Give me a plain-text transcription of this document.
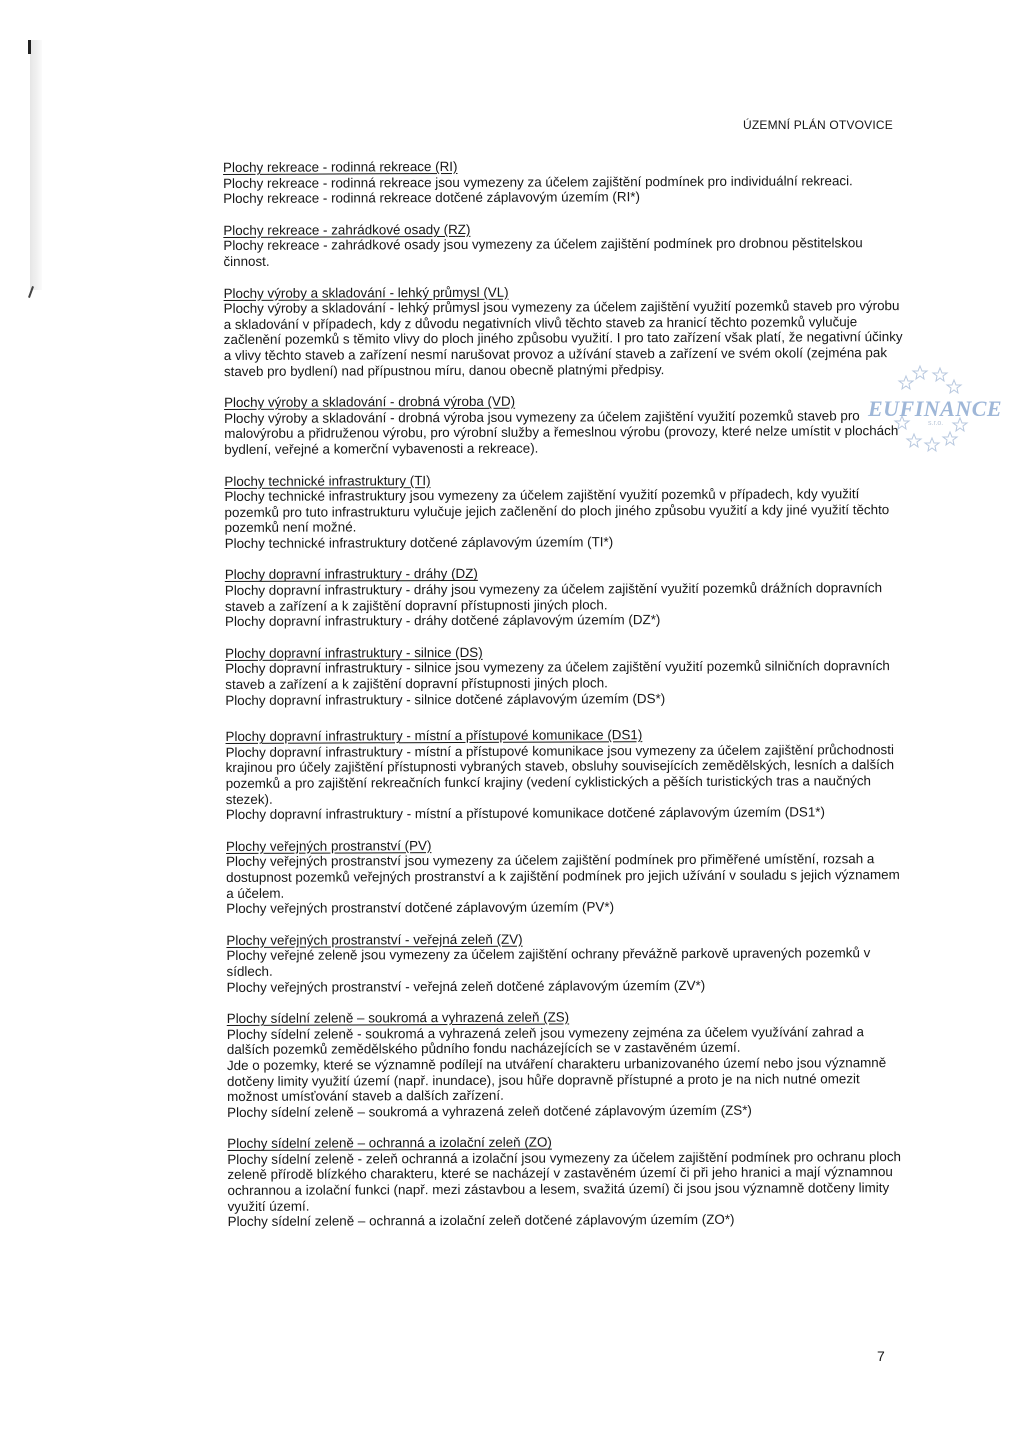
ÚZEMNÍ PLÁN OTVOVICE
EUFINANCE
s.r.o.
Plochy rekreace - rodinná rekreace (RI)
Plochy rekreace - rodinná rekreace jsou vymezeny za účelem zajištění podmínek pro individuální rekreaci.
Plochy rekreace - rodinná rekreace dotčené záplavovým územím (RI*)
Plochy rekreace - zahrádkové osady (RZ)
Plochy rekreace - zahrádkové osady jsou vymezeny za účelem zajištění podmínek pro drobnou pěstitelskou činnost.
Plochy výroby a skladování - lehký průmysl (VL)
Plochy výroby a skladování - lehký průmysl jsou vymezeny za účelem zajištění využití pozemků staveb pro výrobu a skladování v případech, kdy z důvodu negativních vlivů těchto staveb za hranicí těchto pozemků vylučuje začlenění pozemků s těmito vlivy do ploch jiného způsobu využití. I pro tato zařízení však platí, že negativní účinky a vlivy těchto staveb a zařízení nesmí narušovat provoz a užívání staveb a zařízení ve svém okolí (zejména pak staveb pro bydlení) nad přípustnou míru, danou obecně platnými předpisy.
Plochy výroby a skladování - drobná výroba (VD)
Plochy výroby a skladování - drobná výroba jsou vymezeny za účelem zajištění využití pozemků staveb pro malovýrobu a přidruženou výrobu, pro výrobní služby a řemeslnou výrobu (provozy, které nelze umístit v plochách bydlení, veřejné a komerční vybavenosti a rekreace).
Plochy technické infrastruktury (TI)
Plochy technické infrastruktury jsou vymezeny za účelem zajištění využití pozemků v případech, kdy využití pozemků pro tuto infrastrukturu vylučuje jejich začlenění do ploch jiného způsobu využití a kdy jiné využití těchto pozemků není možné.
Plochy technické infrastruktury dotčené záplavovým územím (TI*)
Plochy dopravní infrastruktury - dráhy (DZ)
Plochy dopravní infrastruktury - dráhy jsou vymezeny za účelem zajištění využití pozemků drážních dopravních staveb a zařízení a k zajištění dopravní přístupnosti jiných ploch.
Plochy dopravní infrastruktury - dráhy dotčené záplavovým územím (DZ*)
Plochy dopravní infrastruktury - silnice (DS)
Plochy dopravní infrastruktury - silnice jsou vymezeny za účelem zajištění využití pozemků silničních dopravních staveb a zařízení a k zajištění dopravní přístupnosti jiných ploch.
Plochy dopravní infrastruktury - silnice dotčené záplavovým územím (DS*)
Plochy dopravní infrastruktury - místní a přístupové komunikace (DS1)
Plochy dopravní infrastruktury - místní a přístupové komunikace jsou vymezeny za účelem zajištění průchodnosti krajinou pro účely zajištění přístupnosti vybraných staveb, obsluhy souvisejících zemědělských, lesních a dalších pozemků a pro zajištění rekreačních funkcí krajiny (vedení cyklistických a pěších turistických tras a naučných stezek).
Plochy dopravní infrastruktury - místní a přístupové komunikace dotčené záplavovým územím (DS1*)
Plochy veřejných prostranství (PV)
Plochy veřejných prostranství jsou vymezeny za účelem zajištění podmínek pro přiměřené umístění, rozsah a dostupnost pozemků veřejných prostranství a k zajištění podmínek pro jejich užívání v souladu s jejich významem a účelem.
Plochy veřejných prostranství dotčené záplavovým územím (PV*)
Plochy veřejných prostranství - veřejná zeleň (ZV)
Plochy veřejné zeleně jsou vymezeny za účelem zajištění ochrany převážně parkově upravených pozemků v sídlech.
Plochy veřejných prostranství - veřejná zeleň dotčené záplavovým územím (ZV*)
Plochy sídelní zeleně – soukromá a vyhrazená zeleň (ZS)
Plochy sídelní zeleně - soukromá a vyhrazená zeleň jsou vymezeny zejména za účelem využívání zahrad a dalších pozemků zemědělského půdního fondu nacházejících se v zastavěném území.
Jde o pozemky, které se významně podílejí na utváření charakteru urbanizovaného území nebo jsou významně dotčeny limity využití území (např. inundace), jsou hůře dopravně přístupné a proto je na nich nutné omezit možnost umísťování staveb a dalších zařízení.
Plochy sídelní zeleně – soukromá a vyhrazená zeleň dotčené záplavovým územím (ZS*)
Plochy sídelní zeleně – ochranná a izolační zeleň (ZO)
Plochy sídelní zeleně - zeleň ochranná a izolační jsou vymezeny za účelem zajištění podmínek pro ochranu ploch zeleně přírodě blízkého charakteru, které se nacházejí v zastavěném území či při jeho hranici a mají významnou ochrannou a izolační funkci (např. mezi zástavbou a lesem, svažitá území) či jsou jsou významně dotčeny limity využití území.
Plochy sídelní zeleně – ochranná a izolační zeleň dotčené záplavovým územím (ZO*)
7
